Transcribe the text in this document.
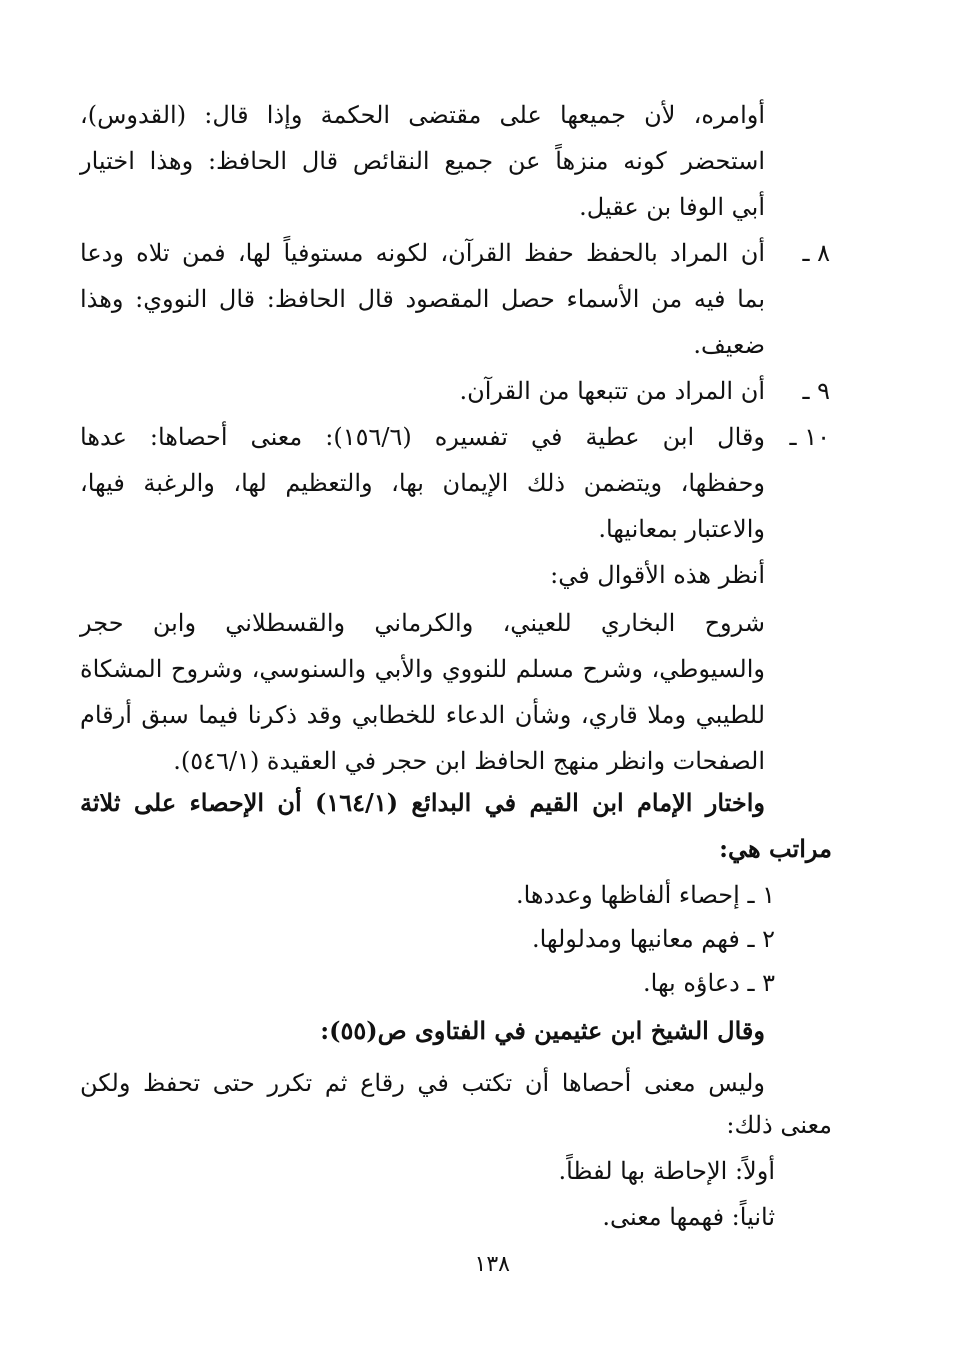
أوامره، لأن جميعها على مقتضى الحكمة وإذا قال: (القدوس)،
استحضر كونه منزهاً عن جميع النقائص قال الحافظ: وهذا اختيار
أبي الوفا بن عقيل.
٨ ـ
أن المراد بالحفظ حفظ القرآن، لكونه مستوفياً لها، فمن تلاه ودعا
بما فيه من الأسماء حصل المقصود قال الحافظ: قال النووي: وهذا
ضعيف.
٩ ـ
أن المراد من تتبعها من القرآن.
١٠ ـ
وقال ابن عطية في تفسيره (١٥٦/٦): معنى أحصاها: عدها
وحفظها، ويتضمن ذلك الإيمان بها، والتعظيم لها، والرغبة فيها،
والاعتبار بمعانيها.
أنظر هذه الأقوال في:
شروح البخاري للعيني، والكرماني والقسطلاني وابن حجر
والسيوطي، وشرح مسلم للنووي والأبي والسنوسي، وشروح المشكاة
للطيبي وملا قاري، وشأن الدعاء للخطابي وقد ذكرنا فيما سبق أرقام
الصفحات وانظر منهج الحافظ ابن حجر في العقيدة (٥٤٦/١).
واختار الإمام ابن القيم في البدائع (١٦٤/١) أن الإحصاء على ثلاثة
مراتب هي:
١ ـ إحصاء ألفاظها وعددها.
٢ ـ فهم معانيها ومدلولها.
٣ ـ دعاؤه بها.
وقال الشيخ ابن عثيمين في الفتاوى ص(٥٥):
وليس معنى أحصاها أن تكتب في رقاع ثم تكرر حتى تحفظ ولكن
معنى ذلك:
أولاً: الإحاطة بها لفظاً.
ثانياً: فهمها معنى.
١٣٨
